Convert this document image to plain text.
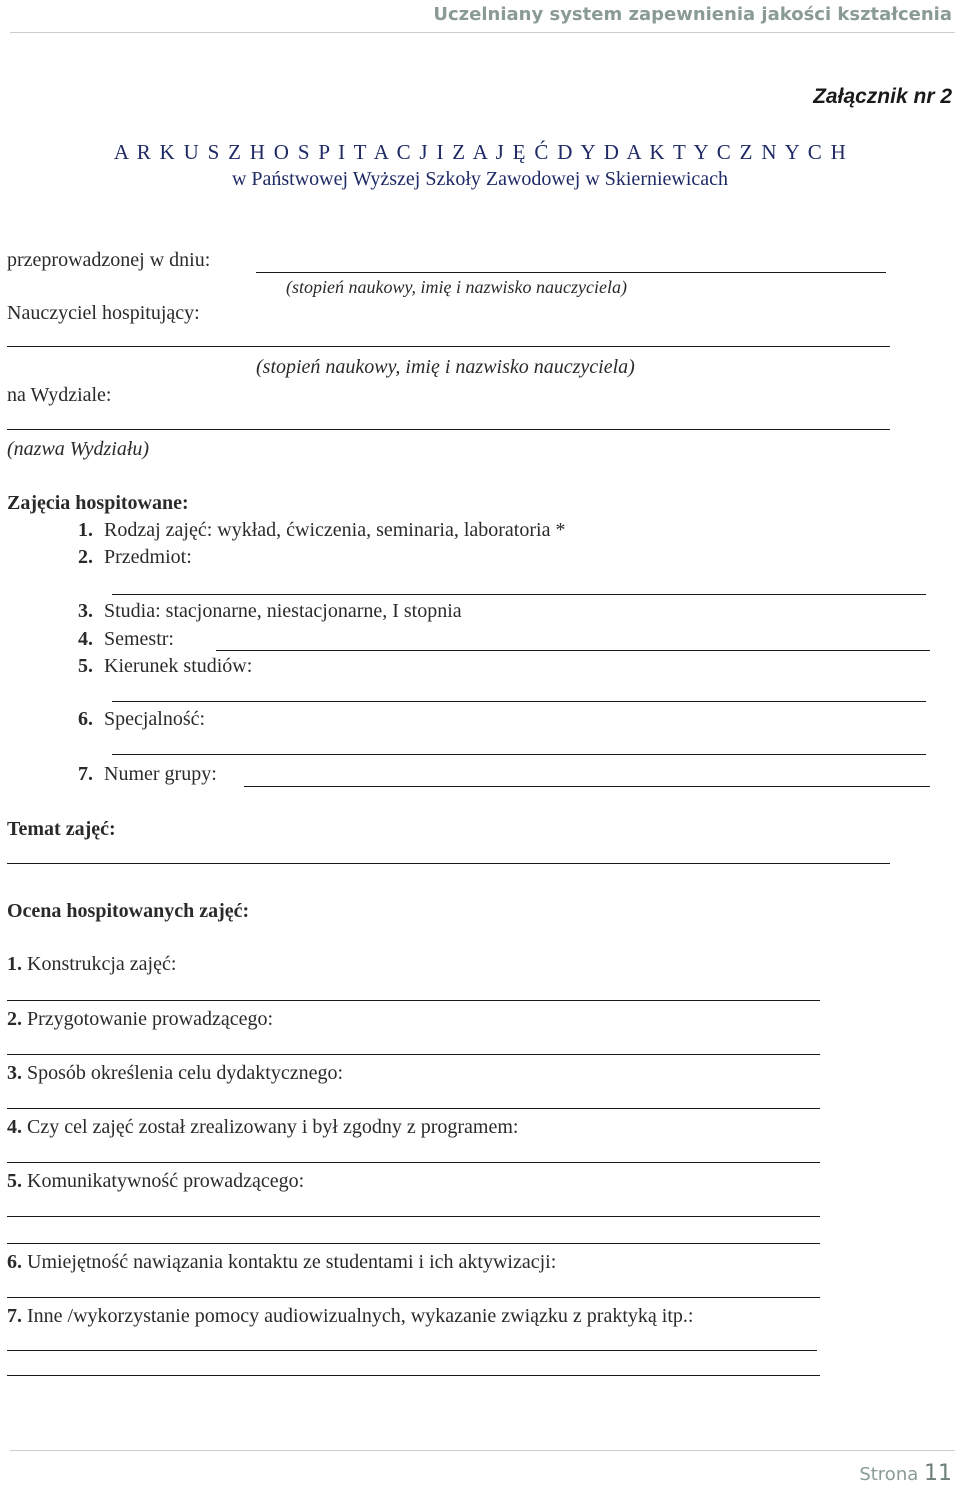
Uczelniany system zapewnienia jakości kształcenia
Załącznik nr 2
A R K U S Z H O S P I T A C J I Z A J Ę Ć D Y D A K T Y C Z N Y C H
w Państwowej Wyższej Szkoły Zawodowej w Skierniewicach
przeprowadzonej w dniu:
(stopień naukowy, imię i nazwisko nauczyciela)
Nauczyciel hospitujący:
(stopień naukowy, imię i nazwisko nauczyciela)
na Wydziale:
(nazwa Wydziału)
Zajęcia hospitowane:
1. Rodzaj zajęć: wykład, ćwiczenia, seminaria, laboratoria *
2. Przedmiot:
3. Studia: stacjonarne, niestacjonarne, I stopnia
4. Semestr:
5. Kierunek studiów:
6. Specjalność:
7. Numer grupy:
Temat zajęć:
Ocena hospitowanych zajęć:
1. Konstrukcja zajęć:
2. Przygotowanie prowadzącego:
3. Sposób określenia celu dydaktycznego:
4. Czy cel zajęć został zrealizowany i był zgodny z programem:
5. Komunikatywność prowadzącego:
6. Umiejętność nawiązania kontaktu ze studentami i ich aktywizacji:
7. Inne /wykorzystanie pomocy audiowizualnych, wykazanie związku z praktyką itp.:
Strona 11
